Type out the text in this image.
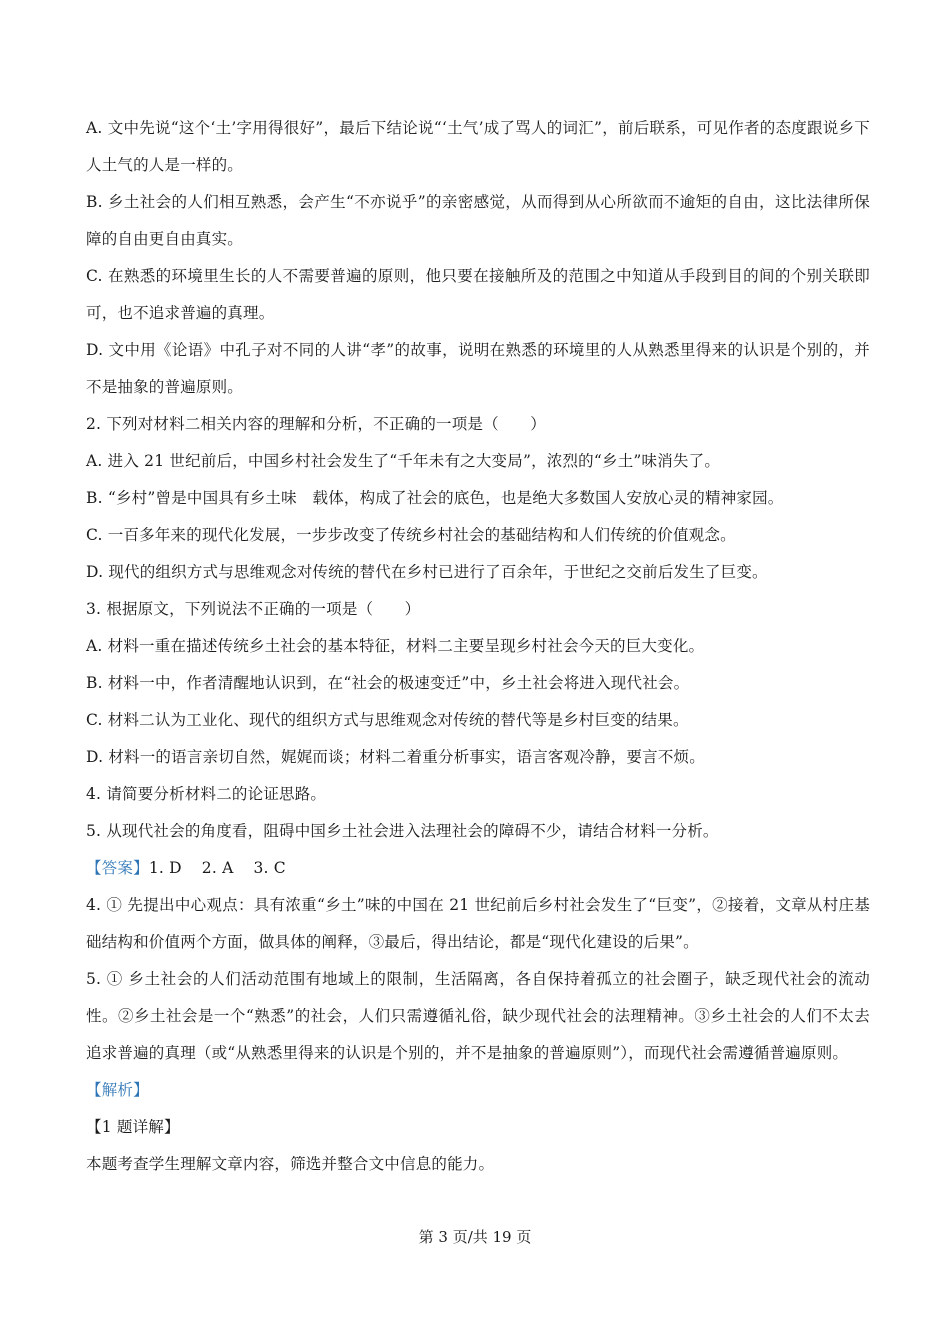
A. 文中先说“这个‘土’字用得很好”，最后下结论说“‘土气’成了骂人的词汇”，前后联系，可见作者的态度跟说乡下人土气的人是一样的。

B. 乡土社会的人们相互熟悉，会产生“不亦说乎”的亲密感觉，从而得到从心所欲而不逾矩的自由，这比法律所保障的自由更自由真实。

C. 在熟悉的环境里生长的人不需要普遍的原则，他只要在接触所及的范围之中知道从手段到目的间的个别关联即可，也不追求普遍的真理。

D. 文中用《论语》中孔子对不同的人讲“孝”的故事，说明在熟悉的环境里的人从熟悉里得来的认识是个别的，并不是抽象的普遍原则。

2. 下列对材料二相关内容的理解和分析，不正确的一项是（　　）

A. 进入 21 世纪前后，中国乡村社会发生了“千年未有之大变局”，浓烈的“乡土”味消失了。

B. “乡村”曾是中国具有乡土味　载体，构成了社会的底色，也是绝大多数国人安放心灵的精神家园。

C. 一百多年来的现代化发展，一步步改变了传统乡村社会的基础结构和人们传统的价值观念。

D. 现代的组织方式与思维观念对传统的替代在乡村已进行了百余年，于世纪之交前后发生了巨变。

3. 根据原文，下列说法不正确的一项是（　　）

A. 材料一重在描述传统乡土社会的基本特征，材料二主要呈现乡村社会今天的巨大变化。

B. 材料一中，作者清醒地认识到，在“社会的极速变迁”中，乡土社会将进入现代社会。

C. 材料二认为工业化、现代的组织方式与思维观念对传统的替代等是乡村巨变的结果。

D. 材料一的语言亲切自然，娓娓而谈；材料二着重分析事实，语言客观冷静，要言不烦。

4. 请简要分析材料二的论证思路。

5. 从现代社会的角度看，阻碍中国乡土社会进入法理社会的障碍不少，请结合材料一分析。

【答案】1. D 2. A 3. C

4. ① 先提出中心观点：具有浓重“乡土”味的中国在 21 世纪前后乡村社会发生了“巨变”，②接着，文章从村庄基础结构和价值两个方面，做具体的阐释，③最后，得出结论，都是“现代化建设的后果”。

5. ① 乡土社会的人们活动范围有地域上的限制，生活隔离，各自保持着孤立的社会圈子，缺乏现代社会的流动性。②乡土社会是一个“熟悉”的社会，人们只需遵循礼俗，缺少现代社会的法理精神。③乡土社会的人们不太去追求普遍的真理（或“从熟悉里得来的认识是个别的，并不是抽象的普遍原则”），而现代社会需遵循普遍原则。

【解析】

【1 题详解】

本题考查学生理解文章内容，筛选并整合文中信息的能力。

第 3 页/共 19 页
